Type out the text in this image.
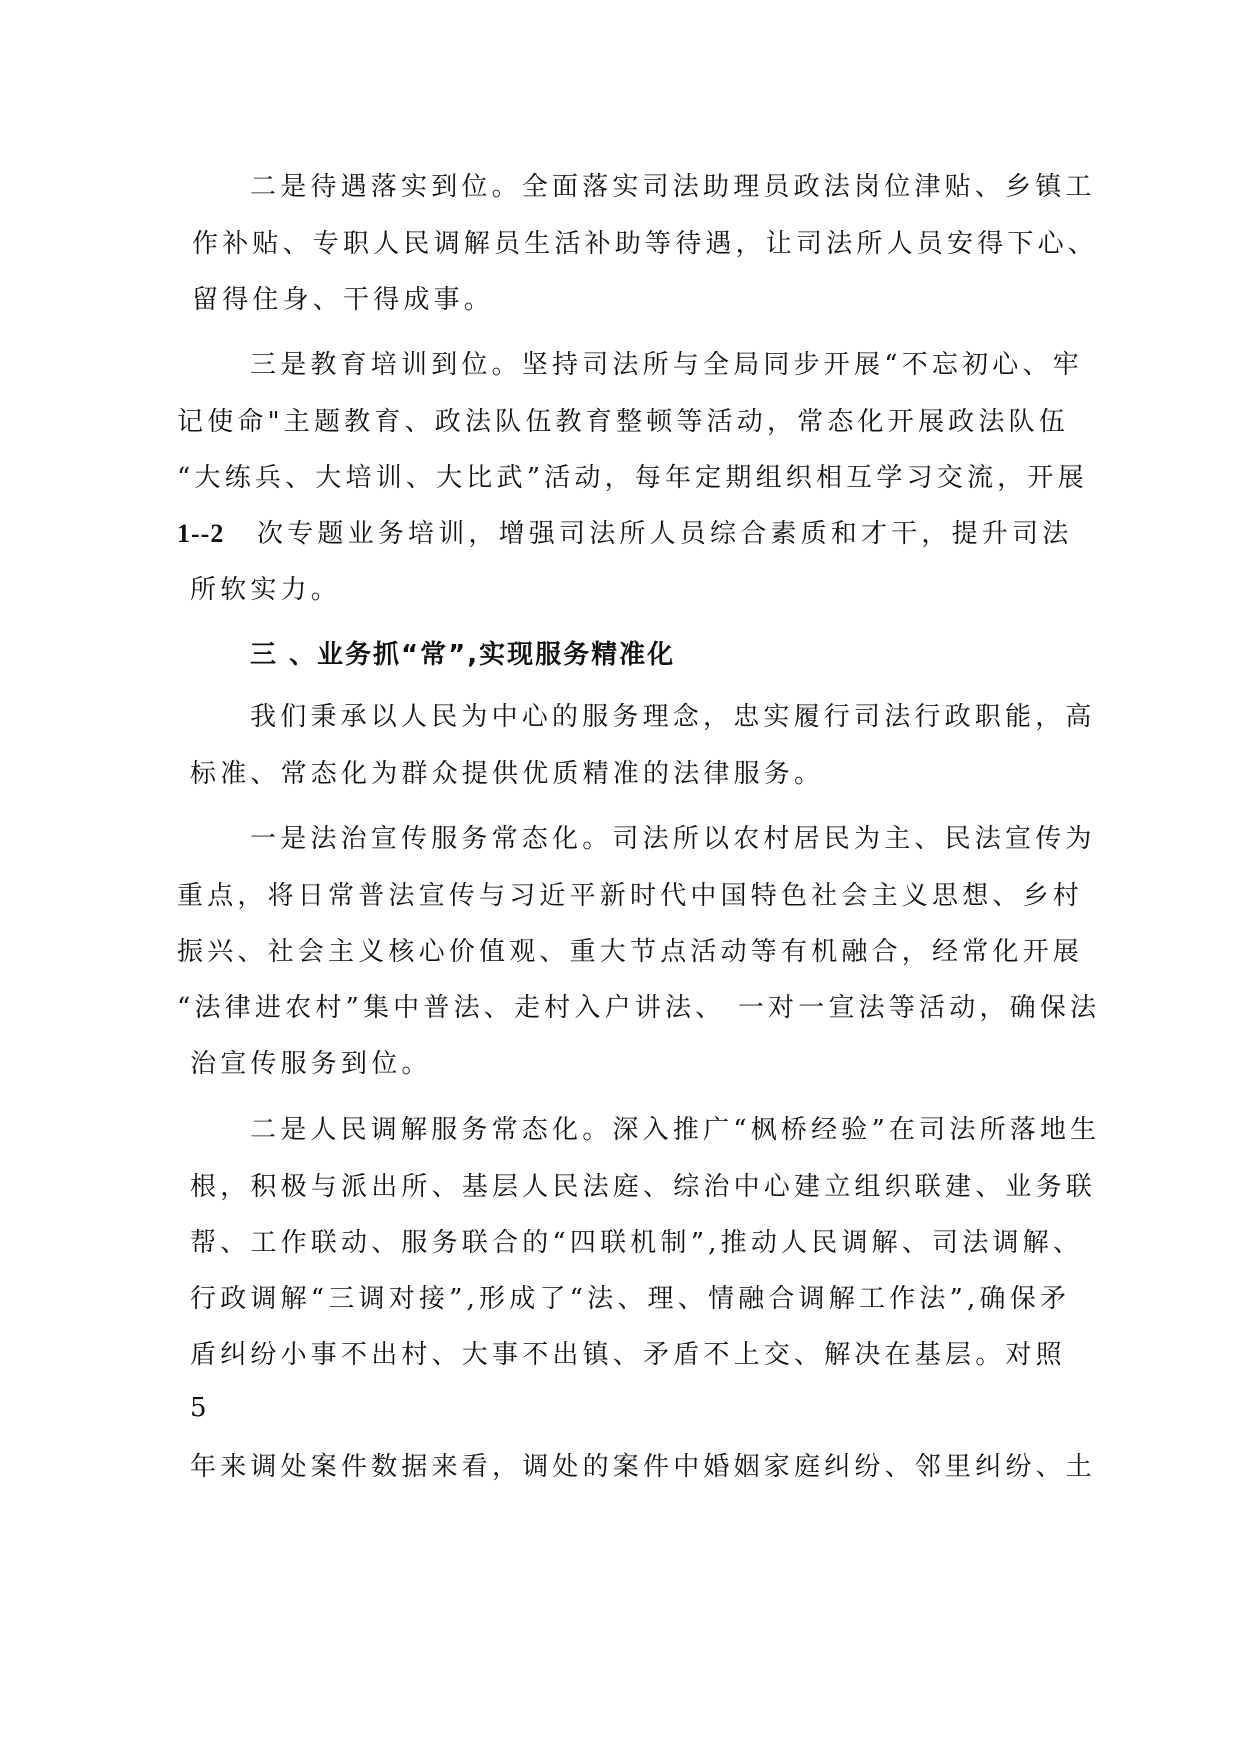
二是待遇落实到位。全面落实司法助理员政法岗位津贴、乡镇工
作补贴、专职人民调解员生活补助等待遇，让司法所人员安得下心、
留得住身、干得成事。
三是教育培训到位。坚持司法所与全局同步开展“不忘初心、牢
记使命"主题教育、政法队伍教育整顿等活动，常态化开展政法队伍
“大练兵、大培训、大比武”活动，每年定期组织相互学习交流，开展
1--2 次专题业务培训，增强司法所人员综合素质和才干，提升司法
所软实力。
三 、业务抓“常”,实现服务精准化
我们秉承以人民为中心的服务理念，忠实履行司法行政职能，高
标准、常态化为群众提供优质精准的法律服务。
一是法治宣传服务常态化。司法所以农村居民为主、民法宣传为
重点，将日常普法宣传与习近平新时代中国特色社会主义思想、乡村
振兴、社会主义核心价值观、重大节点活动等有机融合，经常化开展
“法律进农村”集中普法、走村入户讲法、 一对一宣法等活动，确保法
治宣传服务到位。
二是人民调解服务常态化。深入推广“枫桥经验”在司法所落地生
根，积极与派出所、基层人民法庭、综治中心建立组织联建、业务联
帮、工作联动、服务联合的“四联机制”,推动人民调解、司法调解、
行政调解“三调对接”,形成了“法、理、情融合调解工作法”,确保矛
盾纠纷小事不出村、大事不出镇、矛盾不上交、解决在基层。对照
5
年来调处案件数据来看，调处的案件中婚姻家庭纠纷、邻里纠纷、土
